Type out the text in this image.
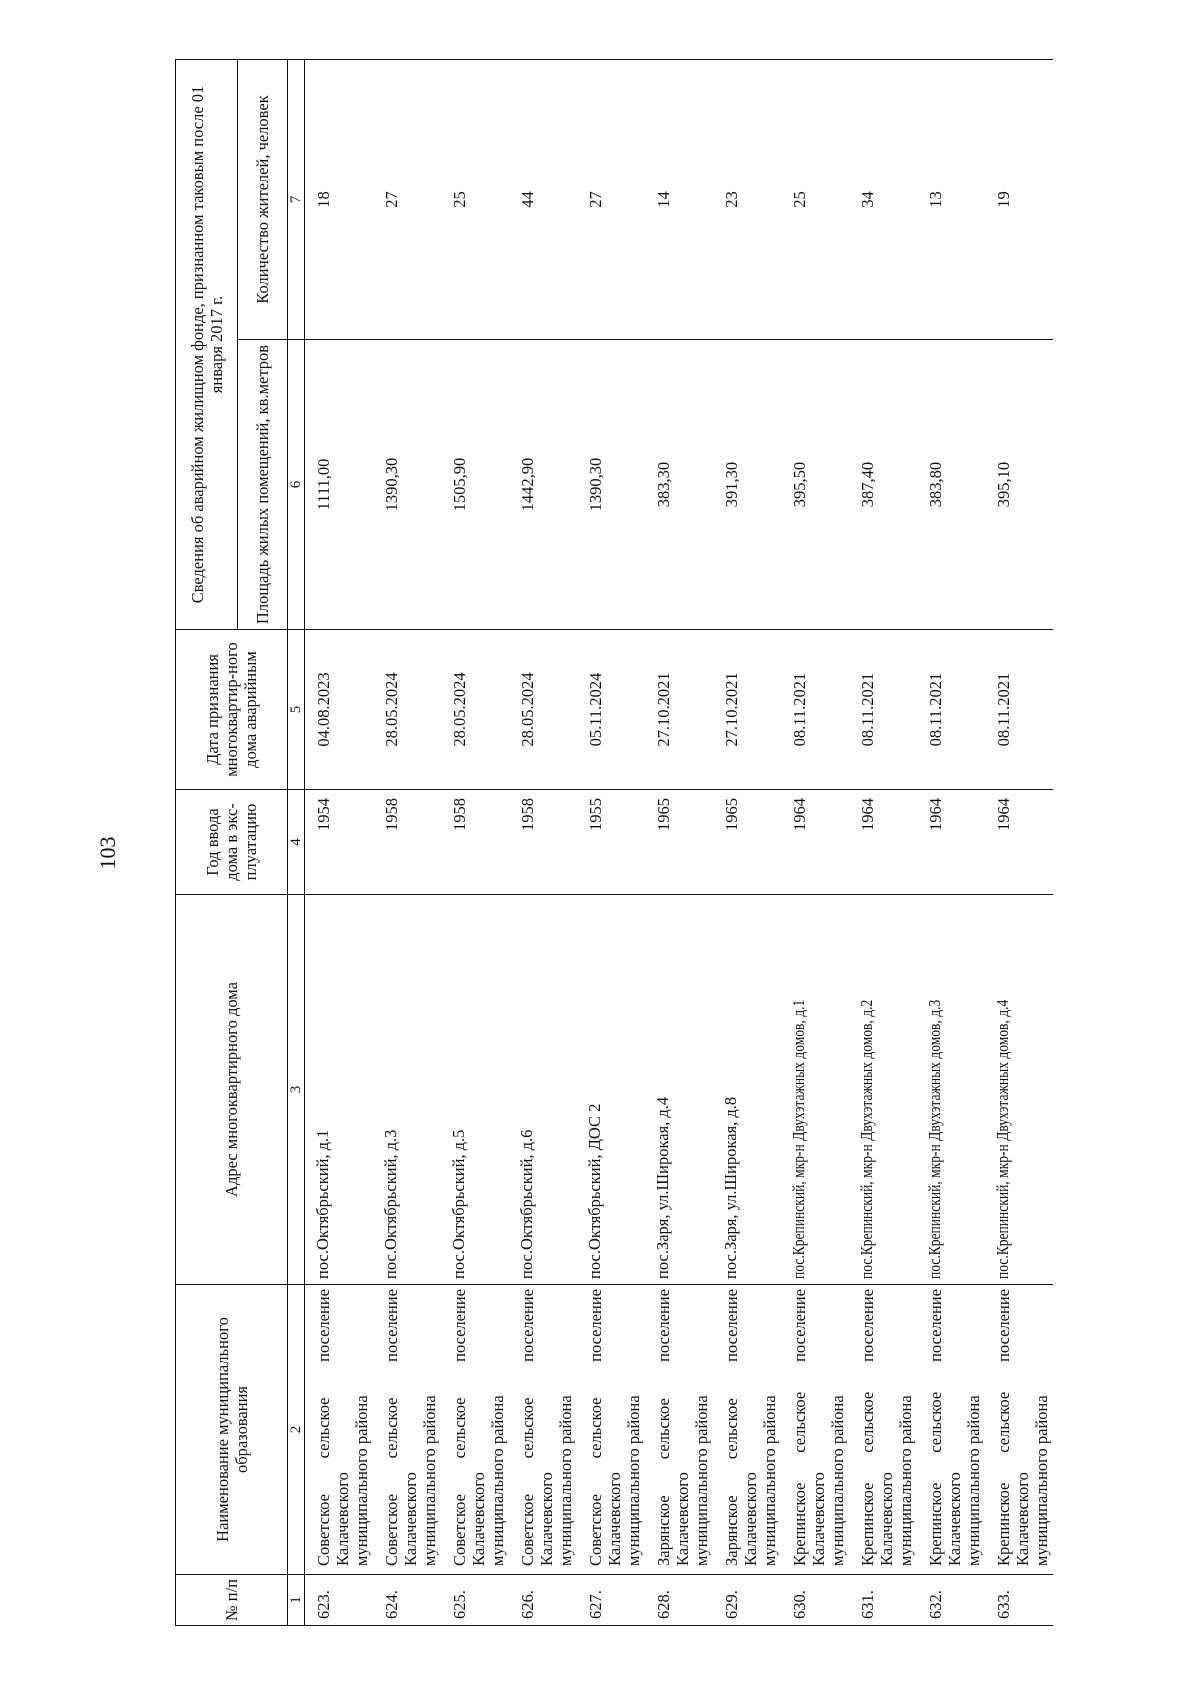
103
№ п/п	Наименование муниципального образования	Адрес многоквартирного дома	Год ввода дома в экс-плуатацию	Дата признания многоквартир-ного дома аварийным	Сведения об аварийном жилищном фонде, признанном таковым после 01 января 2017 г.	
					Площадь жилых помещений, кв.метров	Количество жителей, человек
1	2	3	4	5	6	7
623.	Советское сельское поселение Калачевского муниципального района	пос.Октябрьский, д.1	1954	04.08.2023	1111,00	18
624.	Советское сельское поселение Калачевского муниципального района	пос.Октябрьский, д.3	1958	28.05.2024	1390,30	27
625.	Советское сельское поселение Калачевского муниципального района	пос.Октябрьский, д.5	1958	28.05.2024	1505,90	25
626.	Советское сельское поселение Калачевского муниципального района	пос.Октябрьский, д.6	1958	28.05.2024	1442,90	44
627.	Советское сельское поселение Калачевского муниципального района	пос.Октябрьский, ДОС 2	1955	05.11.2024	1390,30	27
628.	Зарянское сельское поселение Калачевского муниципального района	пос.Заря, ул.Широкая, д.4	1965	27.10.2021	383,30	14
629.	Зарянское сельское поселение Калачевского муниципального района	пос.Заря, ул.Широкая, д.8	1965	27.10.2021	391,30	23
630.	Крепинское сельское поселение Калачевского муниципального района	пос.Крепинский, мкр-н Двухэтажных домов, д.1	1964	08.11.2021	395,50	25
631.	Крепинское сельское поселение Калачевского муниципального района	пос.Крепинский, мкр-н Двухэтажных домов, д.2	1964	08.11.2021	387,40	34
632.	Крепинское сельское поселение Калачевского муниципального района	пос.Крепинский, мкр-н Двухэтажных домов, д.3	1964	08.11.2021	383,80	13
633.	Крепинское сельское поселение Калачевского муниципального района	пос.Крепинский, мкр-н Двухэтажных домов, д.4	1964	08.11.2021	395,10	19
